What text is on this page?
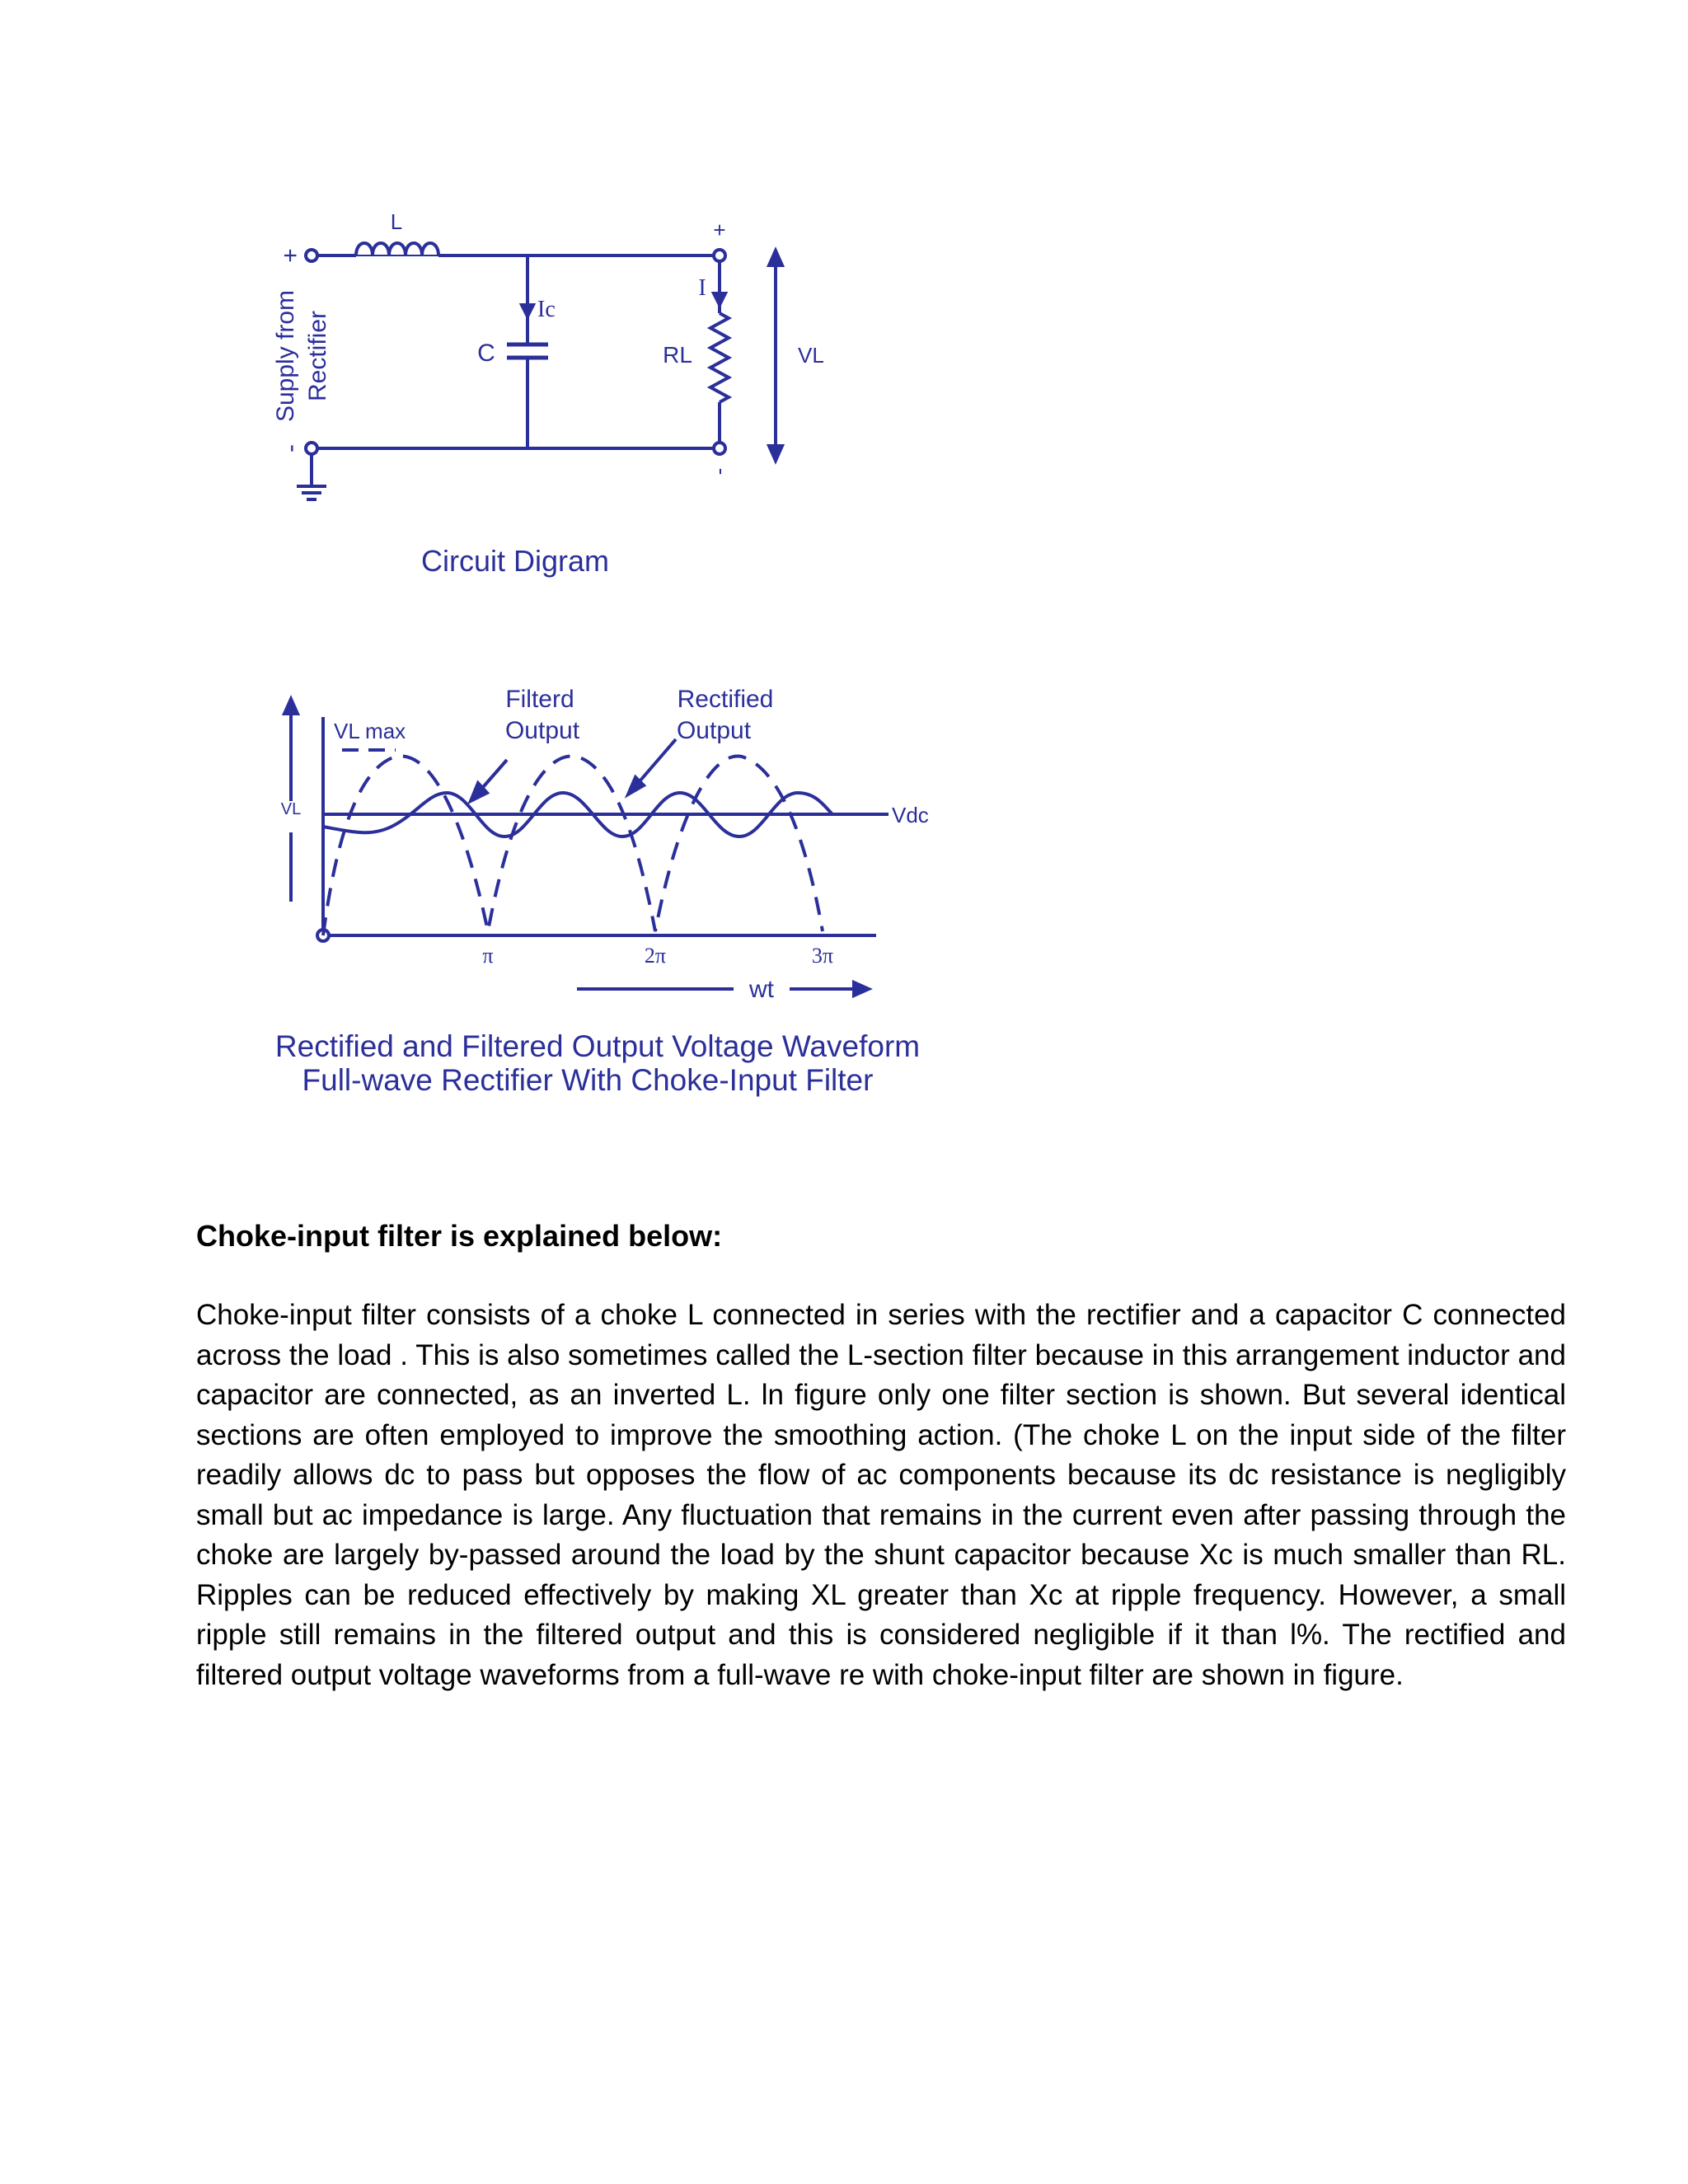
L
+
-
Supply from Rectifier
Ic
C
+
I
RL
-
VL
Circuit Digram
VL max
Filterd
Output
Rectified
Output
VL	Vdc
π	2π	3π
wt
Rectified and Filtered Output Voltage Waveform
Full-wave Rectifier With Choke-Input Filter
Choke-input filter is explained below:

Choke-input filter consists of a choke L connected in series with the rectifier and a capacitor C connected across the load . This is also sometimes called the L-section filter because in this arrangement inductor and capacitor are connected, as an inverted L. ln figure only one filter section is shown. But several identical sections are often employed to improve the smoothing action. (The choke L on the input side of the filter readily allows dc to pass but opposes the flow of ac components because its dc resistance is negligibly small but ac impedance is large. Any fluctuation that remains in the current even after passing through the choke are largely by-passed around the load by the shunt capacitor because Xc is much smaller than RL. Ripples can be reduced effectively by making XL greater than Xc at ripple frequency. However, a small ripple still remains in the filtered output and this is considered negligible if it than l%. The rectified and filtered output voltage waveforms from a full-wave re with choke-input filter are shown in figure.
